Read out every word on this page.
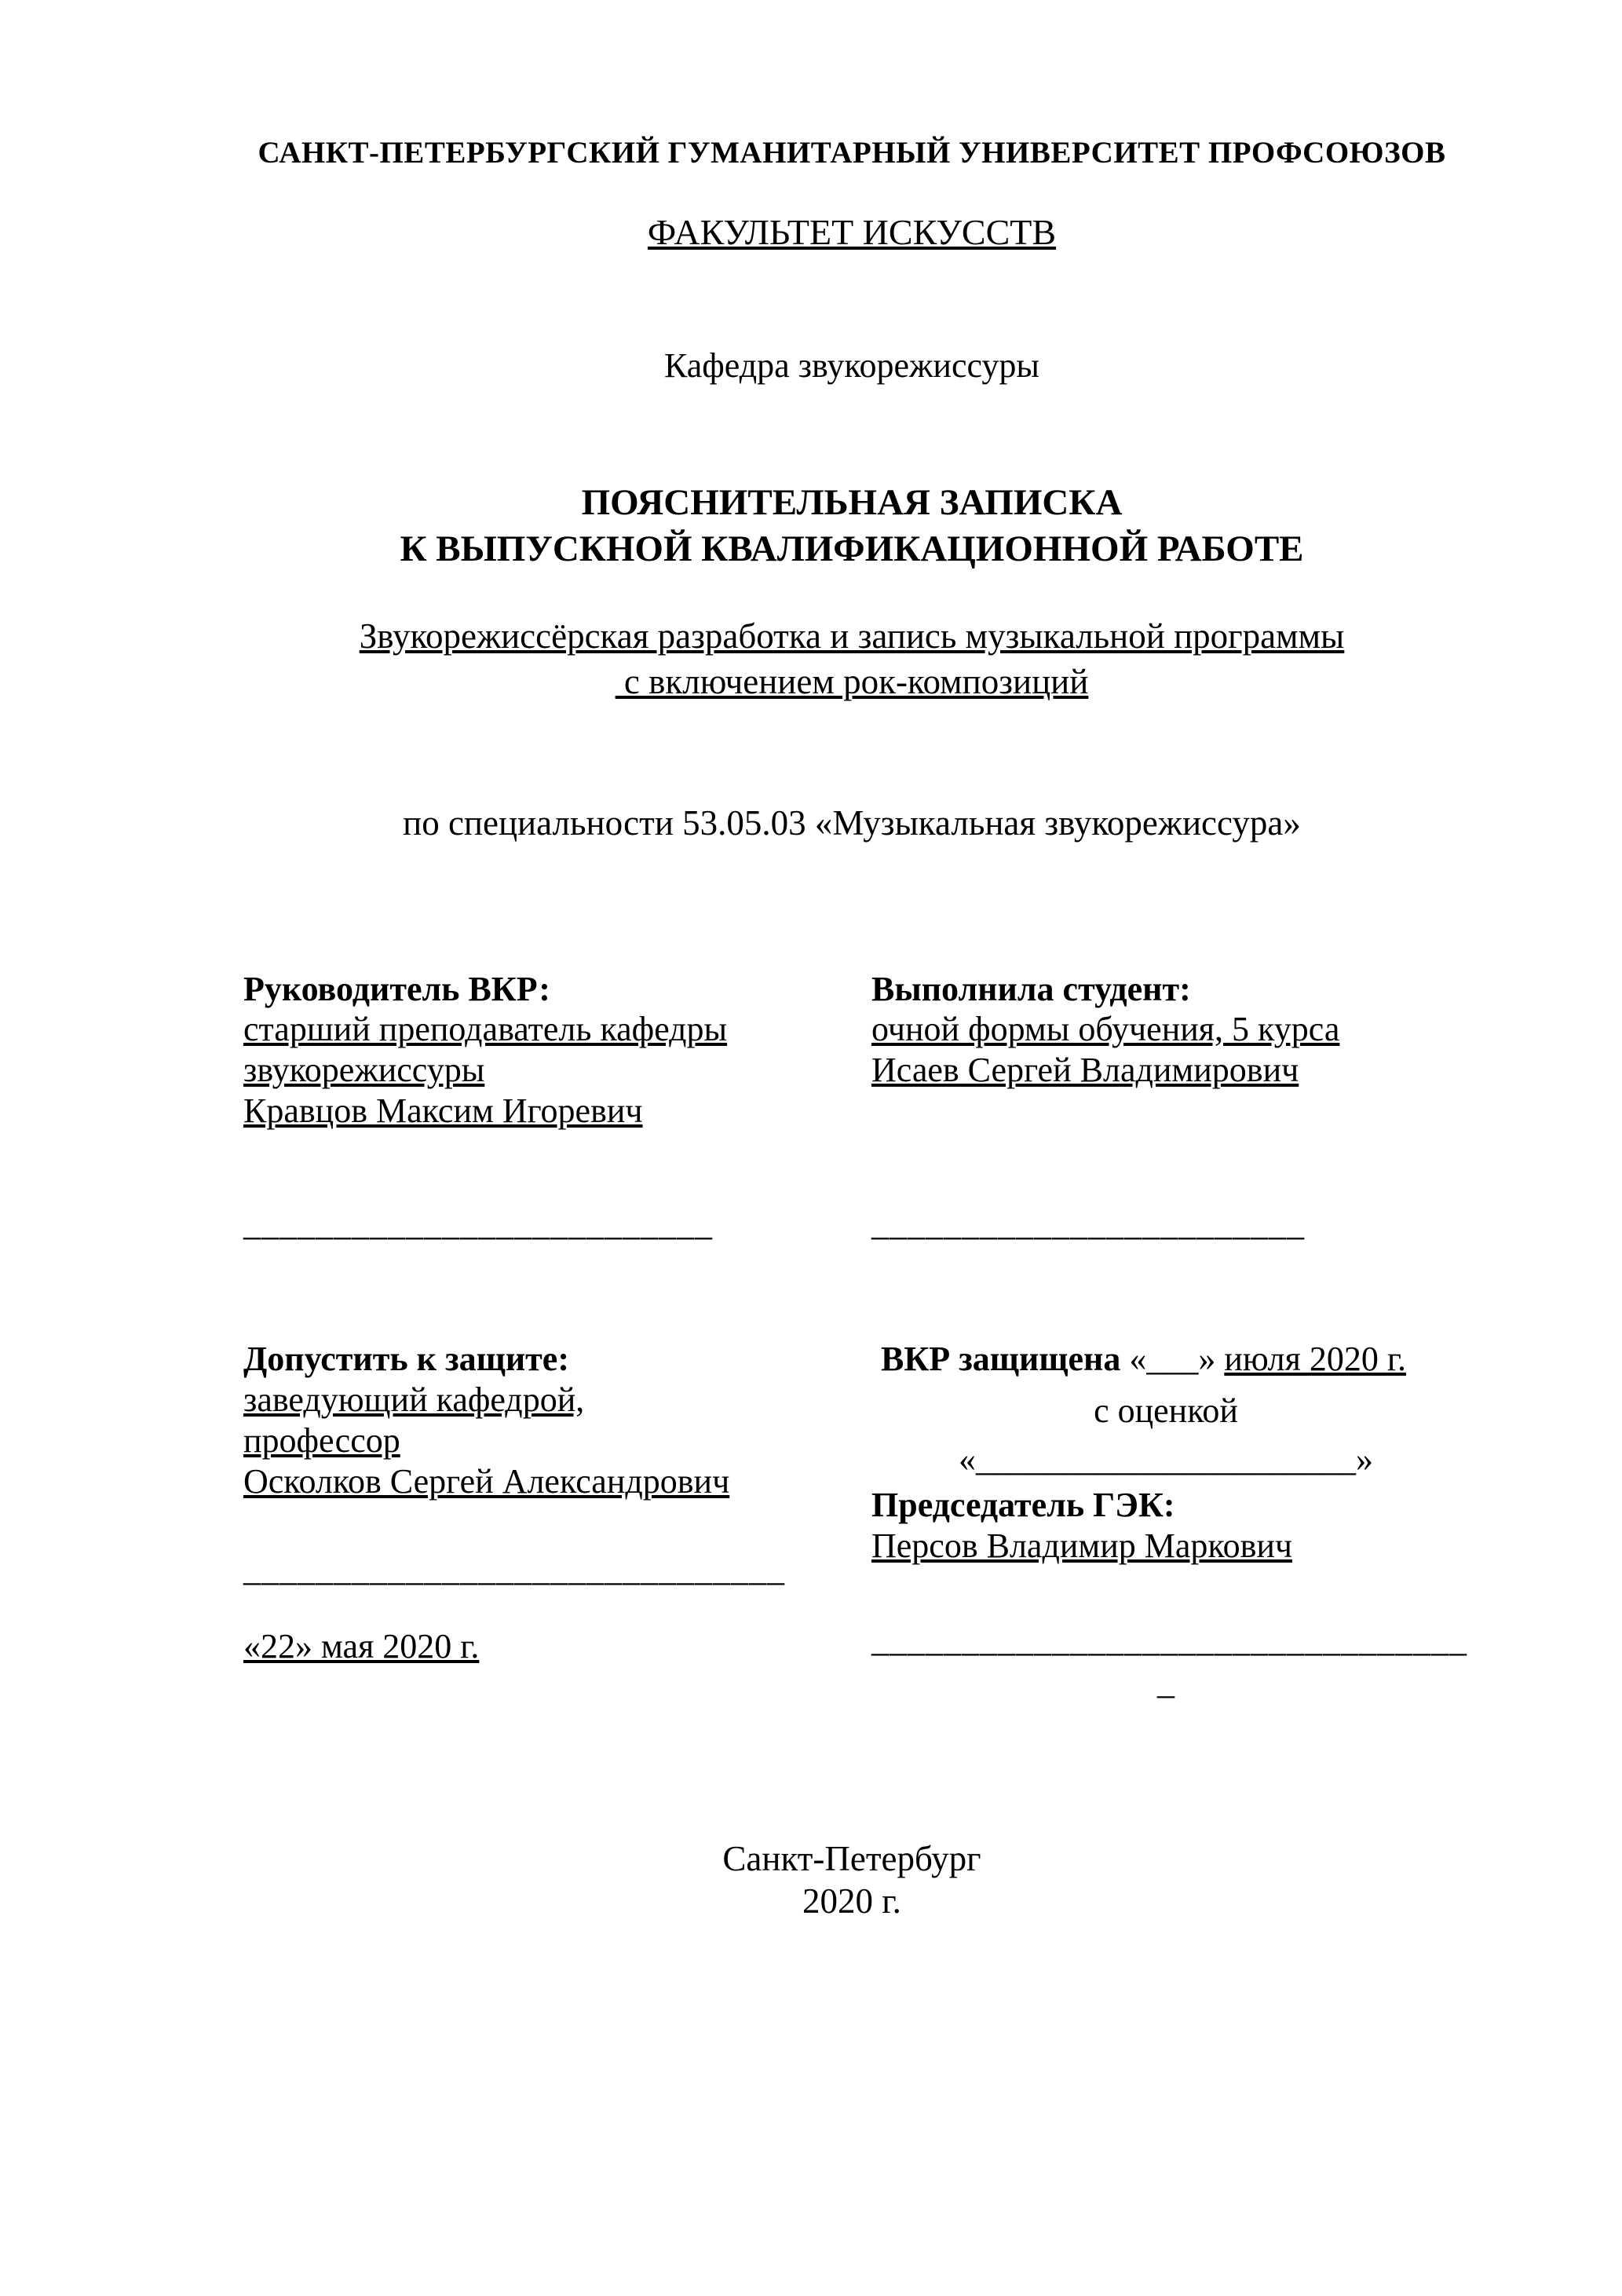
САНКТ-ПЕТЕРБУРГСКИЙ ГУМАНИТАРНЫЙ УНИВЕРСИТЕТ ПРОФСОЮЗОВ
ФАКУЛЬТЕТ ИСКУССТВ
Кафедра звукорежиссуры
ПОЯСНИТЕЛЬНАЯ ЗАПИСКА
К ВЫПУСКНОЙ КВАЛИФИКАЦИОННОЙ РАБОТЕ
Звукорежиссёрская разработка и запись музыкальной программы
с включением рок-композиций
по специальности 53.05.03 «Музыкальная звукорежиссура»
Руководитель ВКР:
старший преподаватель кафедры
звукорежиссуры
Кравцов Максим Игоревич
__________________________
Выполнила студент:
очной формы обучения, 5 курса
Исаев Сергей Владимирович
________________________
Допустить к защите:
заведующий кафедрой,
профессор
Осколков Сергей Александрович
______________________________
«22» мая 2020 г.
ВКР защищена «___» июля 2020 г.
с оценкой
«______________________»
Председатель ГЭК:
Персов Владимир Маркович
_________________________________
_
Санкт-Петербург
2020 г.
